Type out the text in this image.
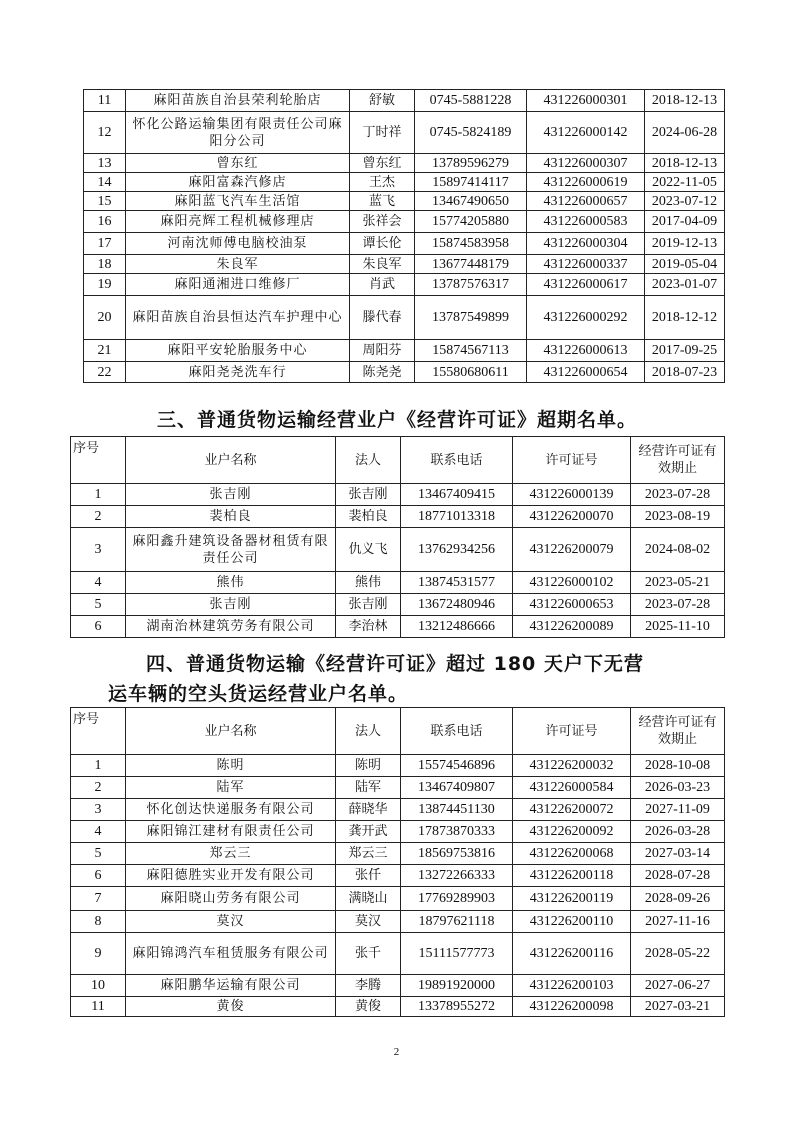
11	麻阳苗族自治县荣利轮胎店	舒敏	0745-5881228	431226000301	2018-12-13
12	怀化公路运输集团有限责任公司麻阳分公司	丁时祥	0745-5824189	431226000142	2024-06-28
13	曾东红	曾东红	13789596279	431226000307	2018-12-13
14	麻阳富森汽修店	王杰	15897414117	431226000619	2022-11-05
15	麻阳蓝飞汽车生活馆	蓝飞	13467490650	431226000657	2023-07-12
16	麻阳亮辉工程机械修理店	张祥会	15774205880	431226000583	2017-04-09
17	河南沈师傅电脑校油泵	谭长伦	15874583958	431226000304	2019-12-13
18	朱良军	朱良军	13677448179	431226000337	2019-05-04
19	麻阳通湘进口维修厂	肖武	13787576317	431226000617	2023-01-07
20	麻阳苗族自治县恒达汽车护理中心	滕代春	13787549899	431226000292	2018-12-12
21	麻阳平安轮胎服务中心	周阳芬	15874567113	431226000613	2017-09-25
22	麻阳尧尧洗车行	陈尧尧	15580680611	431226000654	2018-07-23
三、普通货物运输经营业户《经营许可证》超期名单。
序号	业户名称	法人	联系电话	许可证号	经营许可证有效期止
1	张吉刚	张吉刚	13467409415	431226000139	2023-07-28
2	裴柏良	裴柏良	18771013318	431226200070	2023-08-19
3	麻阳鑫升建筑设备器材租赁有限责任公司	仇义飞	13762934256	431226200079	2024-08-02
4	熊伟	熊伟	13874531577	431226000102	2023-05-21
5	张吉刚	张吉刚	13672480946	431226000653	2023-07-28
6	湖南治林建筑劳务有限公司	李治林	13212486666	431226200089	2025-11-10
四、普通货物运输《经营许可证》超过 180 天户下无营
运车辆的空头货运经营业户名单。
序号	业户名称	法人	联系电话	许可证号	经营许可证有效期止
1	陈明	陈明	15574546896	431226200032	2028-10-08
2	陆军	陆军	13467409807	431226000584	2026-03-23
3	怀化创达快递服务有限公司	薛晓华	13874451130	431226200072	2027-11-09
4	麻阳锦江建材有限责任公司	龚开武	17873870333	431226200092	2026-03-28
5	郑云三	郑云三	18569753816	431226200068	2027-03-14
6	麻阳德胜实业开发有限公司	张仟	13272266333	431226200118	2028-07-28
7	麻阳晓山劳务有限公司	满晓山	17769289903	431226200119	2028-09-26
8	莫汉	莫汉	18797621118	431226200110	2027-11-16
9	麻阳锦鸿汽车租赁服务有限公司	张千	15111577773	431226200116	2028-05-22
10	麻阳鹏华运输有限公司	李腾	19891920000	431226200103	2027-06-27
11	黄俊	黄俊	13378955272	431226200098	2027-03-21
2
